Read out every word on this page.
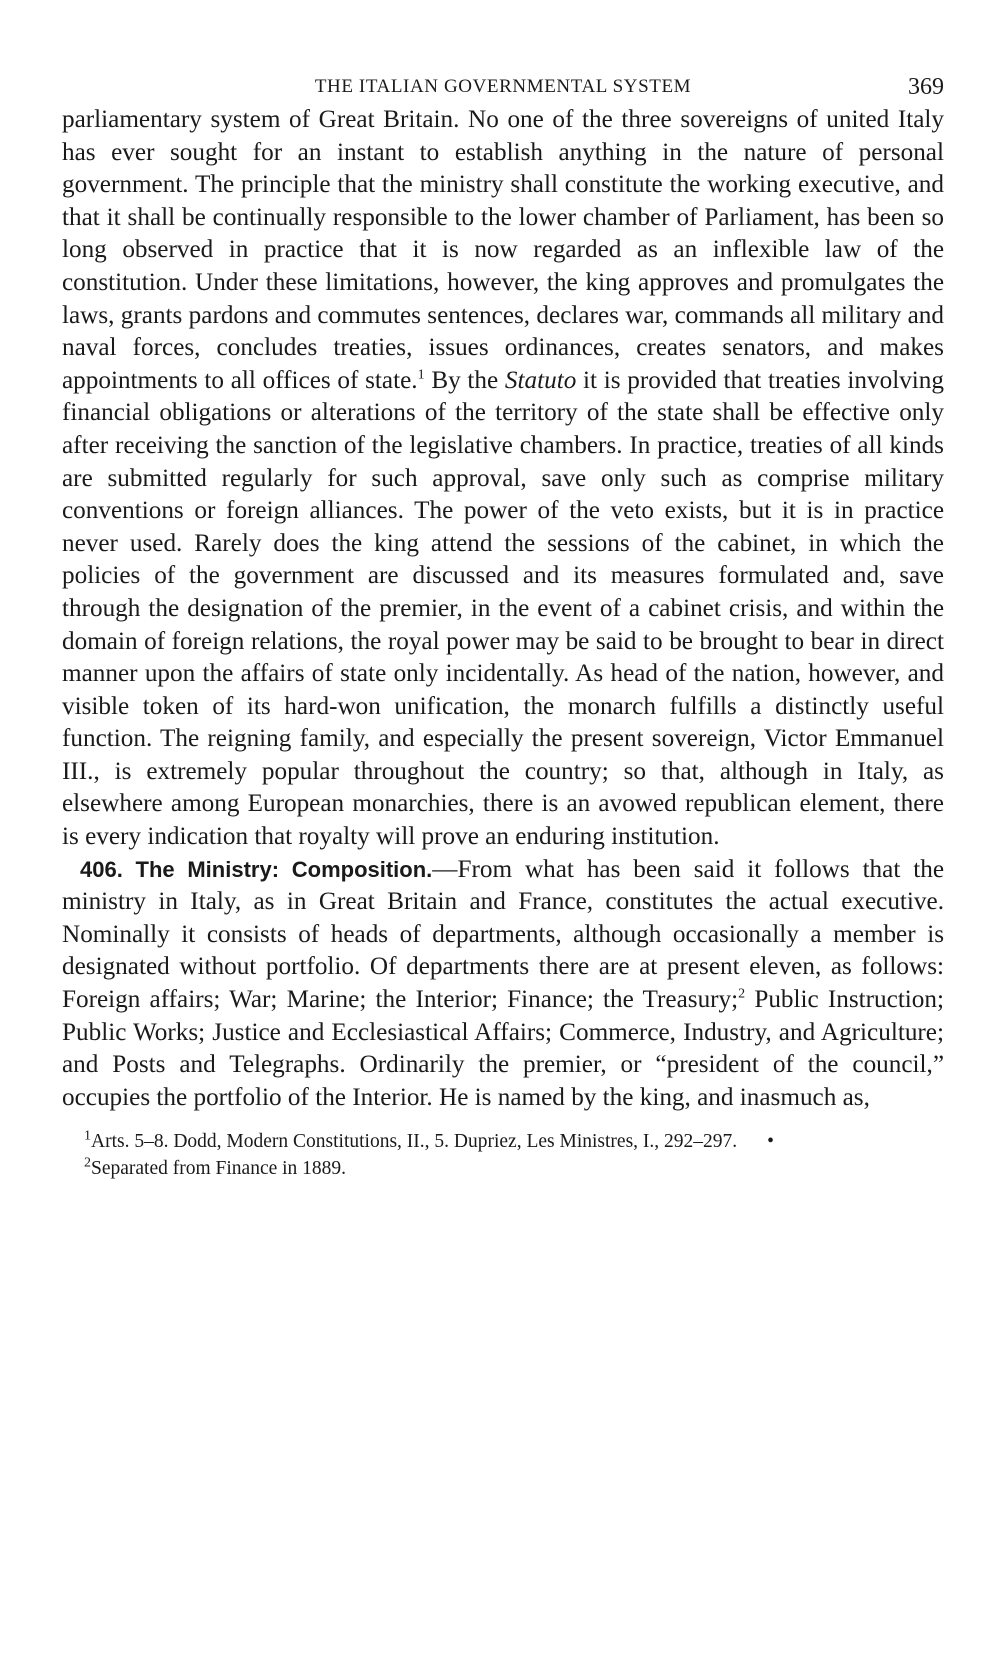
THE ITALIAN GOVERNMENTAL SYSTEM	369

parliamentary system of Great Britain. No one of the three sovereigns of united Italy has ever sought for an instant to establish anything in the nature of personal government. The principle that the ministry shall constitute the working executive, and that it shall be continually responsible to the lower chamber of Parliament, has been so long observed in practice that it is now regarded as an inflexible law of the constitution. Under these limitations, however, the king approves and promulgates the laws, grants pardons and commutes sentences, declares war, commands all military and naval forces, concludes treaties, issues ordinances, creates senators, and makes appointments to all offices of state.$^1$ By the Statuto it is provided that treaties involving financial obligations or alterations of the territory of the state shall be effective only after receiving the sanction of the legislative chambers. In practice, treaties of all kinds are submitted regularly for such approval, save only such as comprise military conventions or foreign alliances. The power of the veto exists, but it is in practice never used. Rarely does the king attend the sessions of the cabinet, in which the policies of the government are discussed and its measures formulated and, save through the designation of the premier, in the event of a cabinet crisis, and within the domain of foreign relations, the royal power may be said to be brought to bear in direct manner upon the affairs of state only incidentally. As head of the nation, however, and visible token of its hard-won unification, the monarch fulfills a distinctly useful function. The reigning family, and especially the present sovereign, Victor Emmanuel III., is extremely popular throughout the country; so that, although in Italy, as elsewhere among European monarchies, there is an avowed republican element, there is every indication that royalty will prove an enduring institution.

406. The Ministry: Composition.—From what has been said it follows that the ministry in Italy, as in Great Britain and France, constitutes the actual executive. Nominally it consists of heads of departments, although occasionally a member is designated without portfolio. Of departments there are at present eleven, as follows: Foreign affairs; War; Marine; the Interior; Finance; the Treasury;$^2$ Public Instruction; Public Works; Justice and Ecclesiastical Affairs; Commerce, Industry, and Agriculture; and Posts and Telegraphs. Ordinarily the premier, or “president of the council,” occupies the portfolio of the Interior. He is named by the king, and inasmuch as,

$^1$Arts. 5–8. Dodd, Modern Constitutions, II., 5. Dupriez, Les Ministres, I., 292–297.	•

$^2$Separated from Finance in 1889.
